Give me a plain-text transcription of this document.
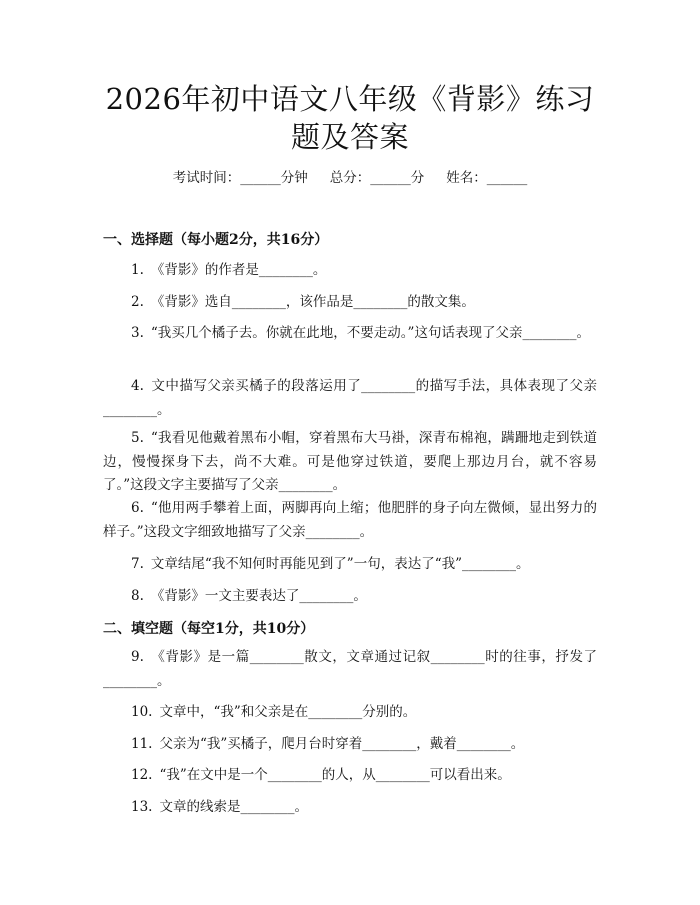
2026年初中语文八年级《背影》练习题及答案
考试时间：______分钟 总分：______分 姓名：______
一、选择题（每小题2分，共16分）
1. 《背影》的作者是________。
2. 《背影》选自________，该作品是________的散文集。
3. “我买几个橘子去。你就在此地，不要走动。”这句话表现了父亲________。
4. 文中描写父亲买橘子的段落运用了________的描写手法，具体表现了父亲________。
5. “我看见他戴着黑布小帽，穿着黑布大马褂，深青布棉袍，蹒跚地走到铁道边，慢慢探身下去，尚不大难。可是他穿过铁道，要爬上那边月台，就不容易了。”这段文字主要描写了父亲________。
6. “他用两手攀着上面，两脚再向上缩；他肥胖的身子向左微倾，显出努力的样子。”这段文字细致地描写了父亲________。
7. 文章结尾“我不知何时再能见到了”一句，表达了“我”________。
8. 《背影》一文主要表达了________。
二、填空题（每空1分，共10分）
9. 《背影》是一篇________散文，文章通过记叙________时的往事，抒发了________。
10. 文章中，“我”和父亲是在________分别的。
11. 父亲为“我”买橘子，爬月台时穿着________，戴着________。
12. “我”在文中是一个________的人，从________可以看出来。
13. 文章的线索是________。
